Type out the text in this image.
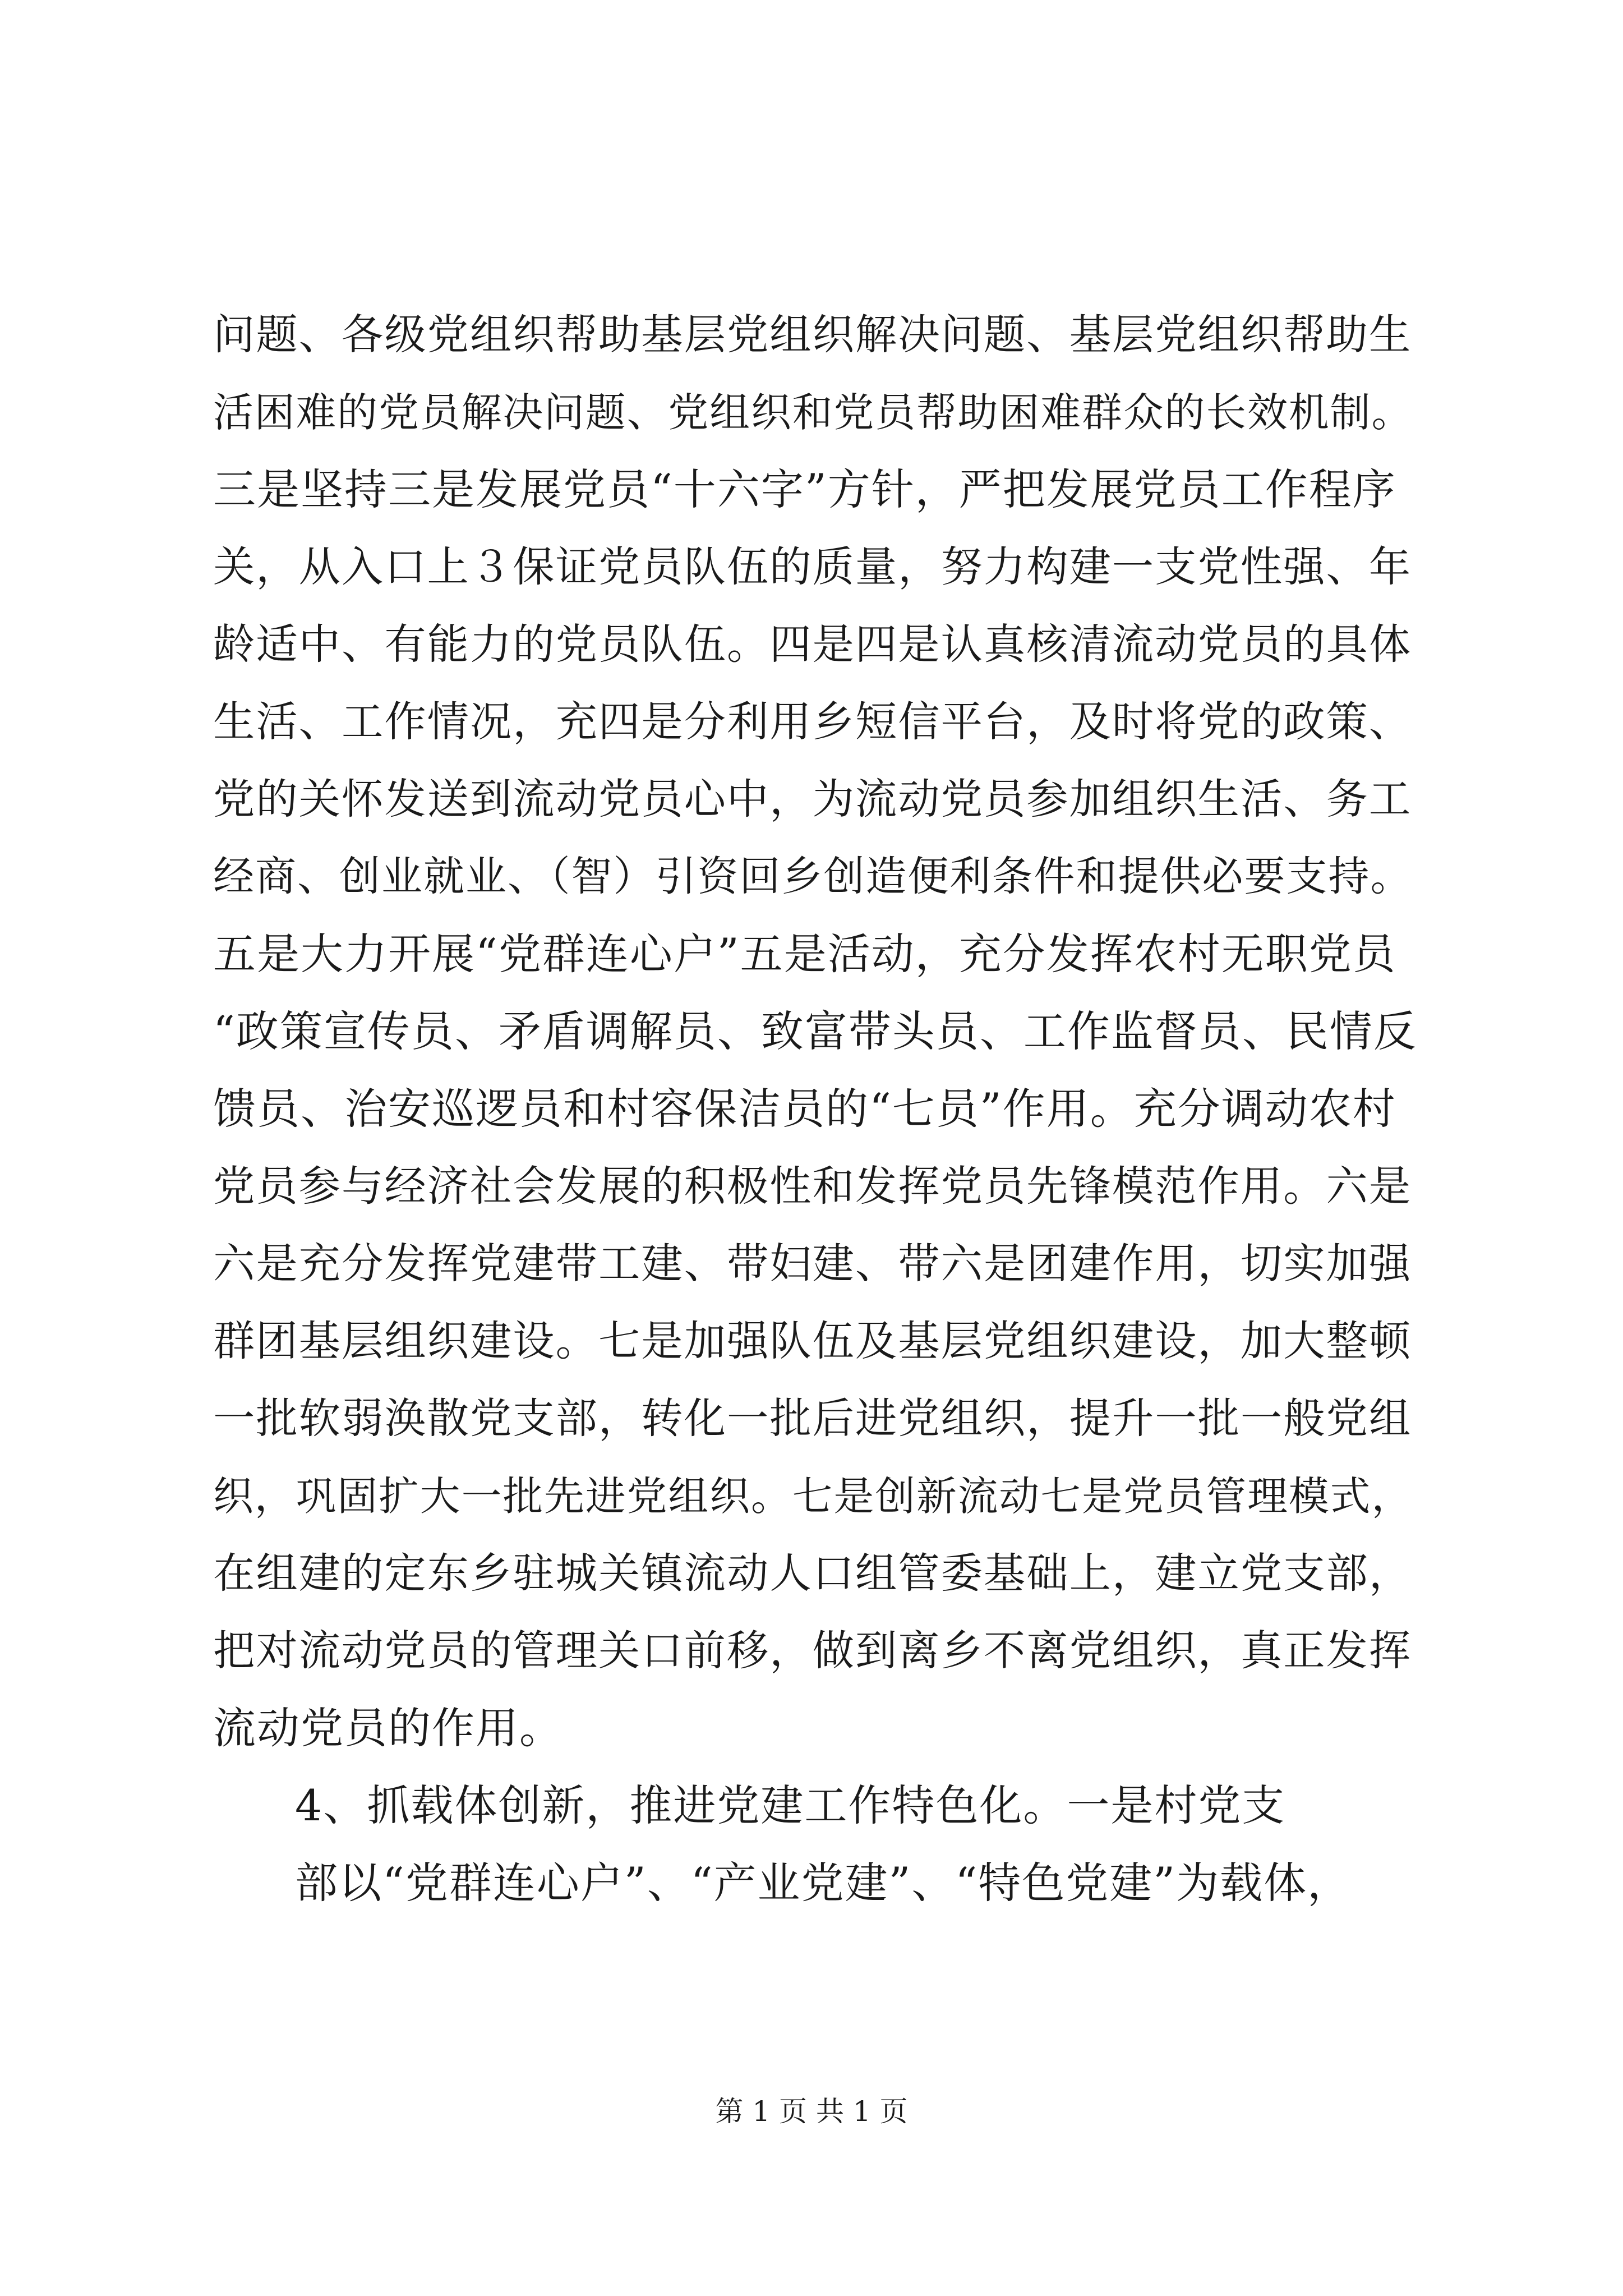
问题、各级党组织帮助基层党组织解决问题、基层党组织帮助生
活困难的党员解决问题、党组织和党员帮助困难群众的长效机制。
三是坚持三是发展党员“十六字”方针，严把发展党员工作程序
关，从入口上３保证党员队伍的质量，努力构建一支党性强、年
龄适中、有能力的党员队伍。四是四是认真核清流动党员的具体
生活、工作情况，充四是分利用乡短信平台，及时将党的政策、
党的关怀发送到流动党员心中，为流动党员参加组织生活、务工
经商、创业就业、（智）引资回乡创造便利条件和提供必要支持。
五是大力开展“党群连心户”五是活动，充分发挥农村无职党员
“政策宣传员、矛盾调解员、致富带头员、工作监督员、民情反
馈员、治安巡逻员和村容保洁员的“七员”作用。充分调动农村
党员参与经济社会发展的积极性和发挥党员先锋模范作用。六是
六是充分发挥党建带工建、带妇建、带六是团建作用，切实加强
群团基层组织建设。七是加强队伍及基层党组织建设，加大整顿
一批软弱涣散党支部，转化一批后进党组织，提升一批一般党组
织，巩固扩大一批先进党组织。七是创新流动七是党员管理模式，
在组建的定东乡驻城关镇流动人口组管委基础上，建立党支部，
把对流动党员的管理关口前移，做到离乡不离党组织，真正发挥
流动党员的作用。
4、抓载体创新，推进党建工作特色化。一是村党支
部以“党群连心户”、“产业党建”、“特色党建”为载体，
第 1 页 共 1 页
